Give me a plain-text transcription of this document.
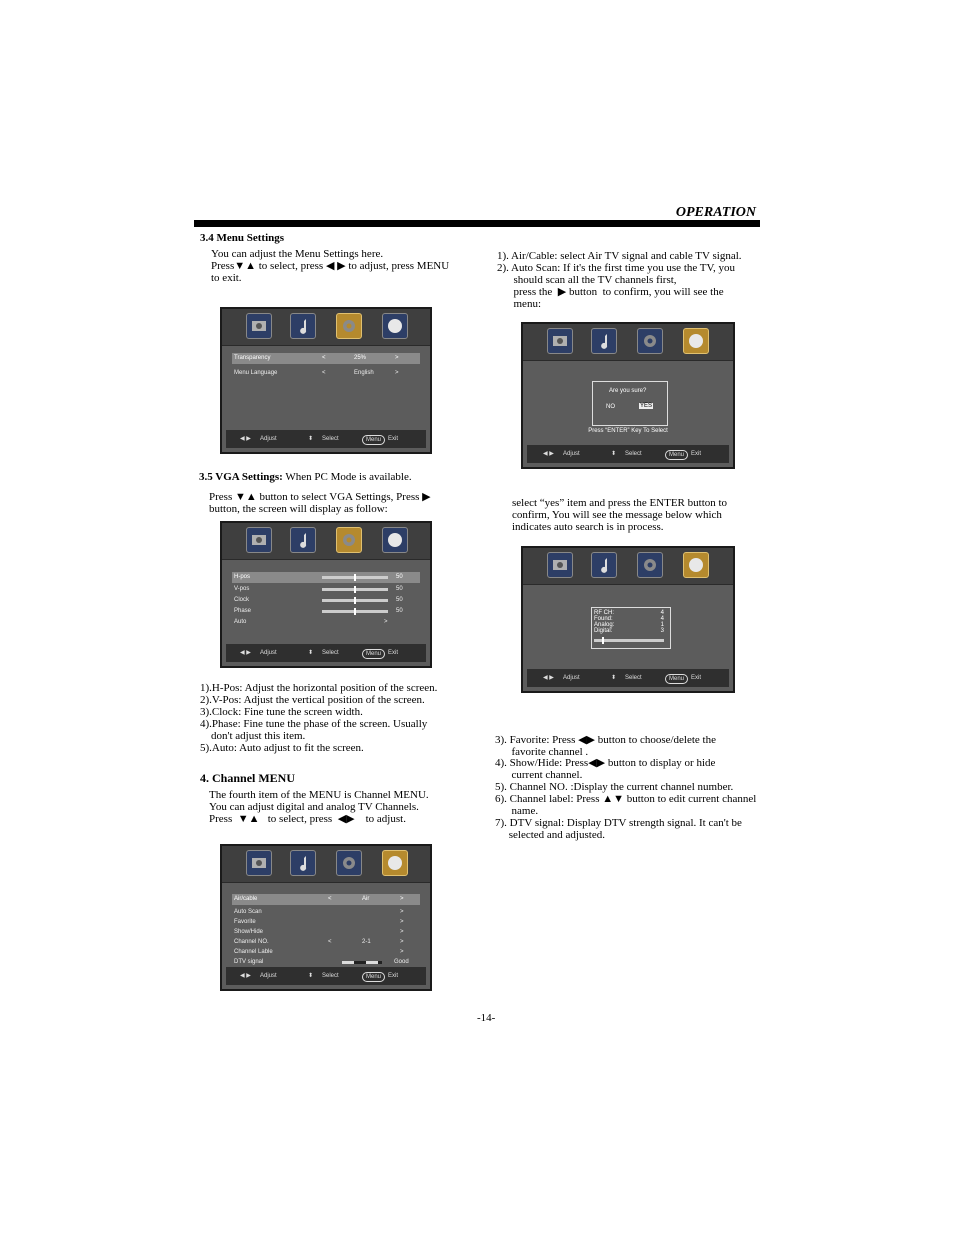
OPERATION
3.4 Menu Settings
You can adjust the Menu Settings here.
Press▼▲ to select, press ◀ ▶ to adjust, press MENU
to exit.
Transparency	<	25%	>
Menu Language	<	English	>
◀ ▶ Adjust	⬍ Select	Menu	Exit
3.5 VGA Settings: When PC Mode is available.
Press ▼▲ button to select VGA Settings, Press ▶
button, the screen will display as follow:
H-pos	50
V-pos	50
Clock	50
Phase	50
Auto	>
◀ ▶ Adjust	⬍ Select	Menu	Exit
1).H-Pos: Adjust the horizontal position of the screen.
2).V-Pos: Adjust the vertical position of the screen.
3).Clock: Fine tune the screen width.
4).Phase: Fine tune the phase of the screen. Usually
don't adjust this item.
5).Auto: Auto adjust to fit the screen.
4. Channel MENU
The fourth item of the MENU is Channel MENU.
You can adjust digital and analog TV Channels.
Press  ▼▲   to select, press  ◀▶    to adjust.
Air/cable	<	Air	>
Auto Scan	>
Favorite	>
Show/Hide	>
Channel NO.	<	2-1	>
Channel Lable	>
DTV signal	Good
◀ ▶ Adjust	⬍ Select	Menu	Exit
1). Air/Cable: select Air TV signal and cable TV signal.
2). Auto Scan: If it's the first time you use the TV, you
should scan all the TV channels first,
press the  ▶ button  to confirm, you will see the
menu:
Are you sure?
NO	YES
Press “ENTER” Key To Select
◀ ▶ Adjust	⬍ Select	Menu	Exit
select “yes” item and press the ENTER button to
confirm, You will see the message below which
indicates auto search is in process.
RF CH:	4
Found:	4
Analog:	1
Digital:	3
◀ ▶ Adjust	⬍ Select	Menu	Exit
3). Favorite: Press ◀▶ button to choose/delete the
favorite channel .
4). Show/Hide: Press◀▶ button to display or hide
current channel.
5). Channel NO. :Display the current channel number.
6). Channel label: Press ▲▼ button to edit current channel
name.
7). DTV signal: Display DTV strength signal. It can't be
selected and adjusted.
-14-
